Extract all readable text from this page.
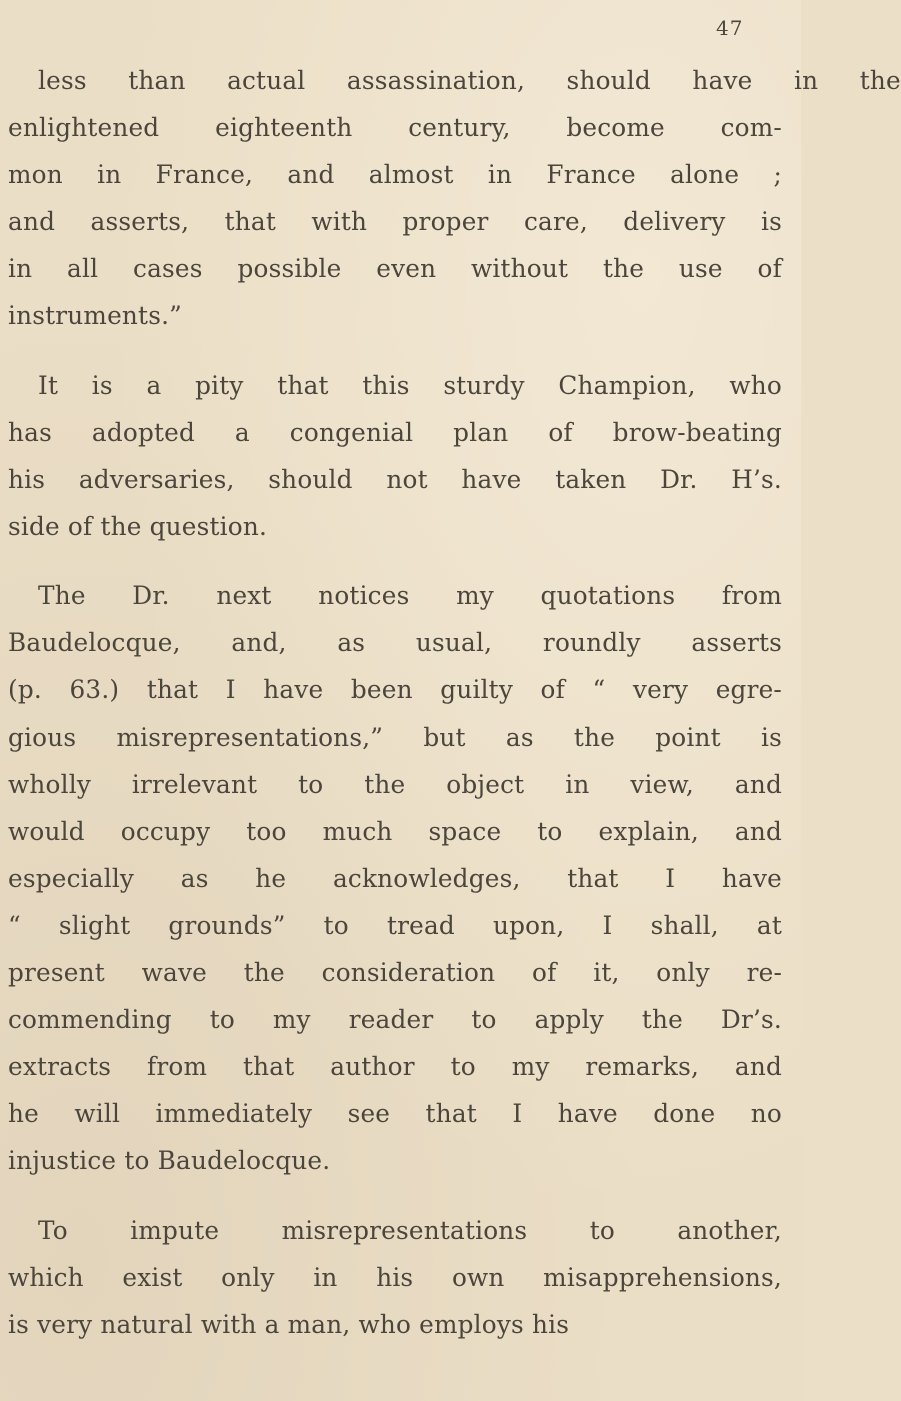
47
less than actual assassination, should have in the
enlightened eighteenth century, become com-
mon in France, and almost in France alone ;
and asserts, that with proper care, delivery is
in all cases possible even without the use of
instruments.”
It is a pity that this sturdy Champion, who
has adopted a congenial plan of brow-beating
his adversaries, should not have taken Dr. H’s.
side of the question.
The Dr. next notices my quotations from
Baudelocque, and, as usual, roundly asserts
(p. 63.) that I have been guilty of “ very egre-
gious misrepresentations,” but as the point is
wholly irrelevant to the object in view, and
would occupy too much space to explain, and
especially as he acknowledges, that I have
“ slight grounds” to tread upon, I shall, at
present wave the consideration of it, only re-
commending to my reader to apply the Dr’s.
extracts from that author to my remarks, and
he will immediately see that I have done no
injustice to Baudelocque.
To impute misrepresentations to another,
which exist only in his own misapprehensions,
is very natural with a man, who employs his
